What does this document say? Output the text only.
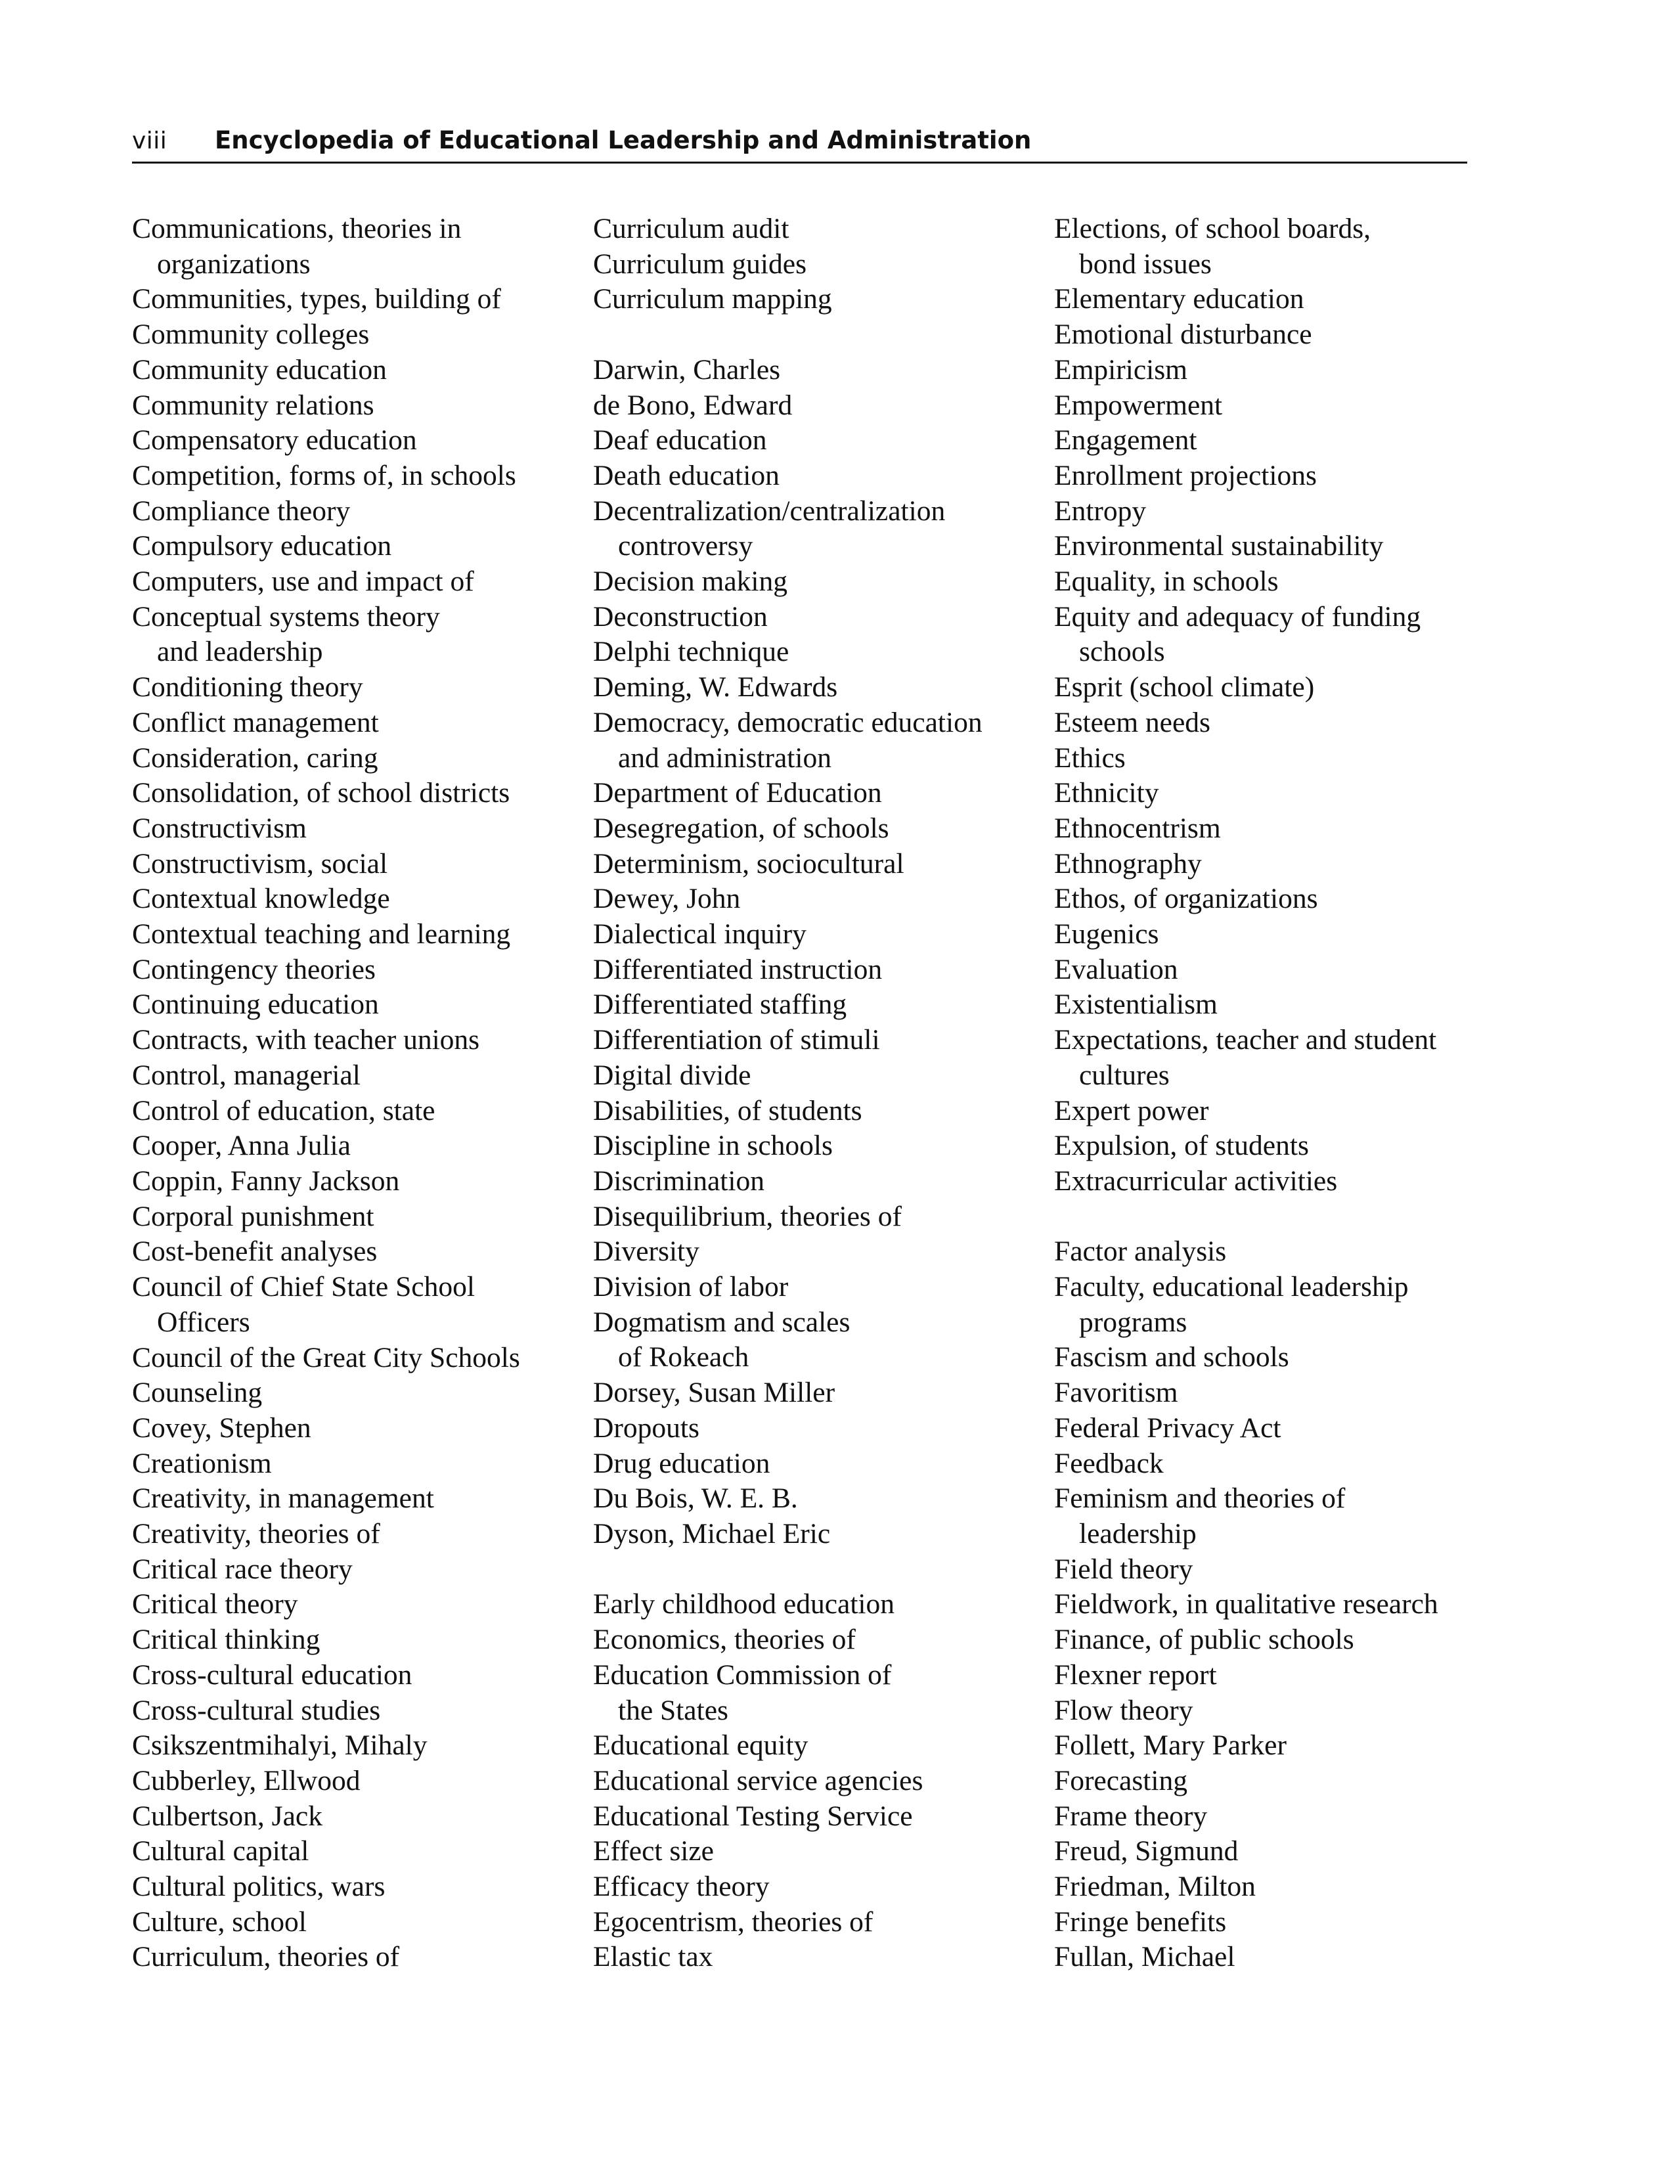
viii Encyclopedia of Educational Leadership and Administration
Communications, theories in
organizations
Communities, types, building of
Community colleges
Community education
Community relations
Compensatory education
Competition, forms of, in schools
Compliance theory
Compulsory education
Computers, use and impact of
Conceptual systems theory
and leadership
Conditioning theory
Conflict management
Consideration, caring
Consolidation, of school districts
Constructivism
Constructivism, social
Contextual knowledge
Contextual teaching and learning
Contingency theories
Continuing education
Contracts, with teacher unions
Control, managerial
Control of education, state
Cooper, Anna Julia
Coppin, Fanny Jackson
Corporal punishment
Cost-benefit analyses
Council of Chief State School
Officers
Council of the Great City Schools
Counseling
Covey, Stephen
Creationism
Creativity, in management
Creativity, theories of
Critical race theory
Critical theory
Critical thinking
Cross-cultural education
Cross-cultural studies
Csikszentmihalyi, Mihaly
Cubberley, Ellwood
Culbertson, Jack
Cultural capital
Cultural politics, wars
Culture, school
Curriculum, theories of
Curriculum audit
Curriculum guides
Curriculum mapping
Darwin, Charles
de Bono, Edward
Deaf education
Death education
Decentralization/centralization
controversy
Decision making
Deconstruction
Delphi technique
Deming, W. Edwards
Democracy, democratic education
and administration
Department of Education
Desegregation, of schools
Determinism, sociocultural
Dewey, John
Dialectical inquiry
Differentiated instruction
Differentiated staffing
Differentiation of stimuli
Digital divide
Disabilities, of students
Discipline in schools
Discrimination
Disequilibrium, theories of
Diversity
Division of labor
Dogmatism and scales
of Rokeach
Dorsey, Susan Miller
Dropouts
Drug education
Du Bois, W. E. B.
Dyson, Michael Eric
Early childhood education
Economics, theories of
Education Commission of
the States
Educational equity
Educational service agencies
Educational Testing Service
Effect size
Efficacy theory
Egocentrism, theories of
Elastic tax
Elections, of school boards,
bond issues
Elementary education
Emotional disturbance
Empiricism
Empowerment
Engagement
Enrollment projections
Entropy
Environmental sustainability
Equality, in schools
Equity and adequacy of funding
schools
Esprit (school climate)
Esteem needs
Ethics
Ethnicity
Ethnocentrism
Ethnography
Ethos, of organizations
Eugenics
Evaluation
Existentialism
Expectations, teacher and student
cultures
Expert power
Expulsion, of students
Extracurricular activities
Factor analysis
Faculty, educational leadership
programs
Fascism and schools
Favoritism
Federal Privacy Act
Feedback
Feminism and theories of
leadership
Field theory
Fieldwork, in qualitative research
Finance, of public schools
Flexner report
Flow theory
Follett, Mary Parker
Forecasting
Frame theory
Freud, Sigmund
Friedman, Milton
Fringe benefits
Fullan, Michael
